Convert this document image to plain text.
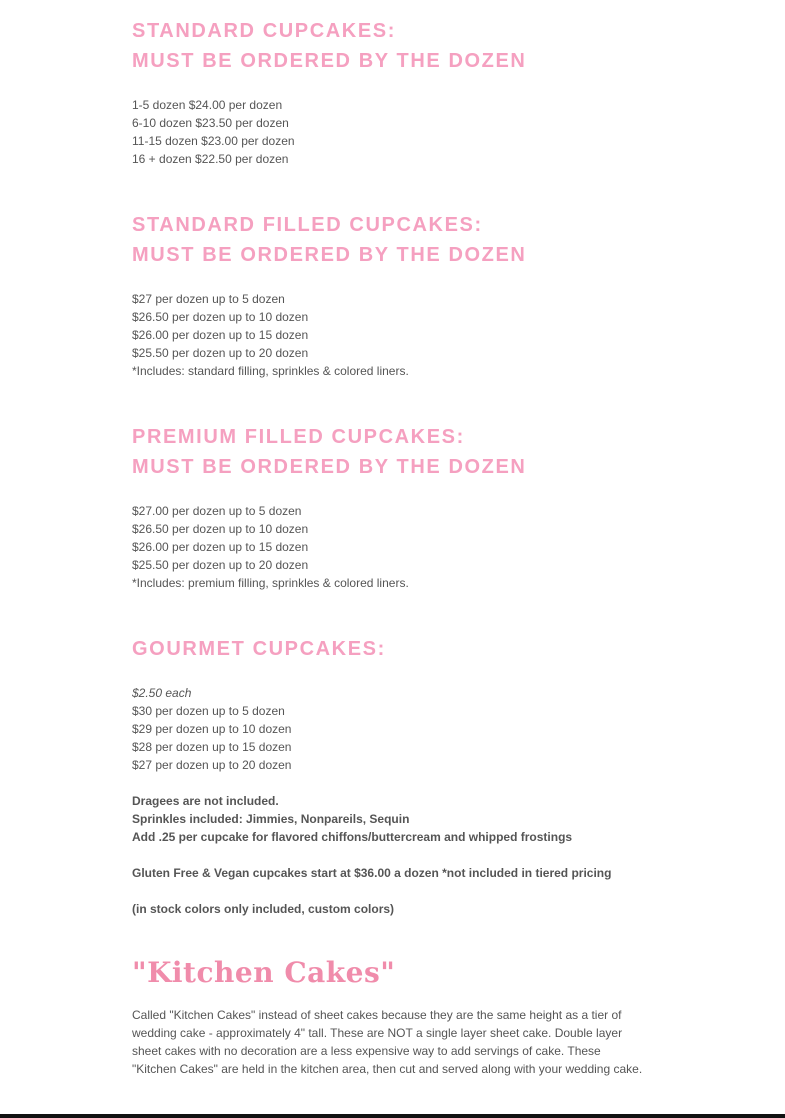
STANDARD CUPCAKES:
MUST BE ORDERED BY THE DOZEN
1-5 dozen $24.00 per dozen
6-10 dozen $23.50 per dozen
11-15 dozen $23.00 per dozen
16 + dozen $22.50 per dozen
STANDARD FILLED CUPCAKES:
MUST BE ORDERED BY THE DOZEN
$27 per dozen up to 5 dozen
$26.50 per dozen up to 10 dozen
$26.00 per dozen up to 15 dozen
$25.50 per dozen up to 20 dozen
*Includes: standard filling, sprinkles & colored liners.
PREMIUM FILLED CUPCAKES:
MUST BE ORDERED BY THE DOZEN
$27.00 per dozen up to 5 dozen
$26.50 per dozen up to 10 dozen
$26.00 per dozen up to 15 dozen
$25.50 per dozen up to 20 dozen
*Includes: premium filling, sprinkles & colored liners.
GOURMET CUPCAKES:
$2.50 each
$30 per dozen up to 5 dozen
$29 per dozen up to 10 dozen
$28 per dozen up to 15 dozen
$27 per dozen up to 20 dozen
Dragees are not included.
Sprinkles included: Jimmies, Nonpareils, Sequin
Add .25 per cupcake for flavored chiffons/buttercream and whipped frostings
Gluten Free & Vegan cupcakes start at $36.00 a dozen *not included in tiered pricing
(in stock colors only included, custom colors)
"Kitchen Cakes"

Called "Kitchen Cakes" instead of sheet cakes because they are the same height as a tier of wedding cake - approximately 4" tall. These are NOT a single layer sheet cake. Double layer sheet cakes with no decoration are a less expensive way to add servings of cake. These "Kitchen Cakes" are held in the kitchen area, then cut and served along with your wedding cake.
